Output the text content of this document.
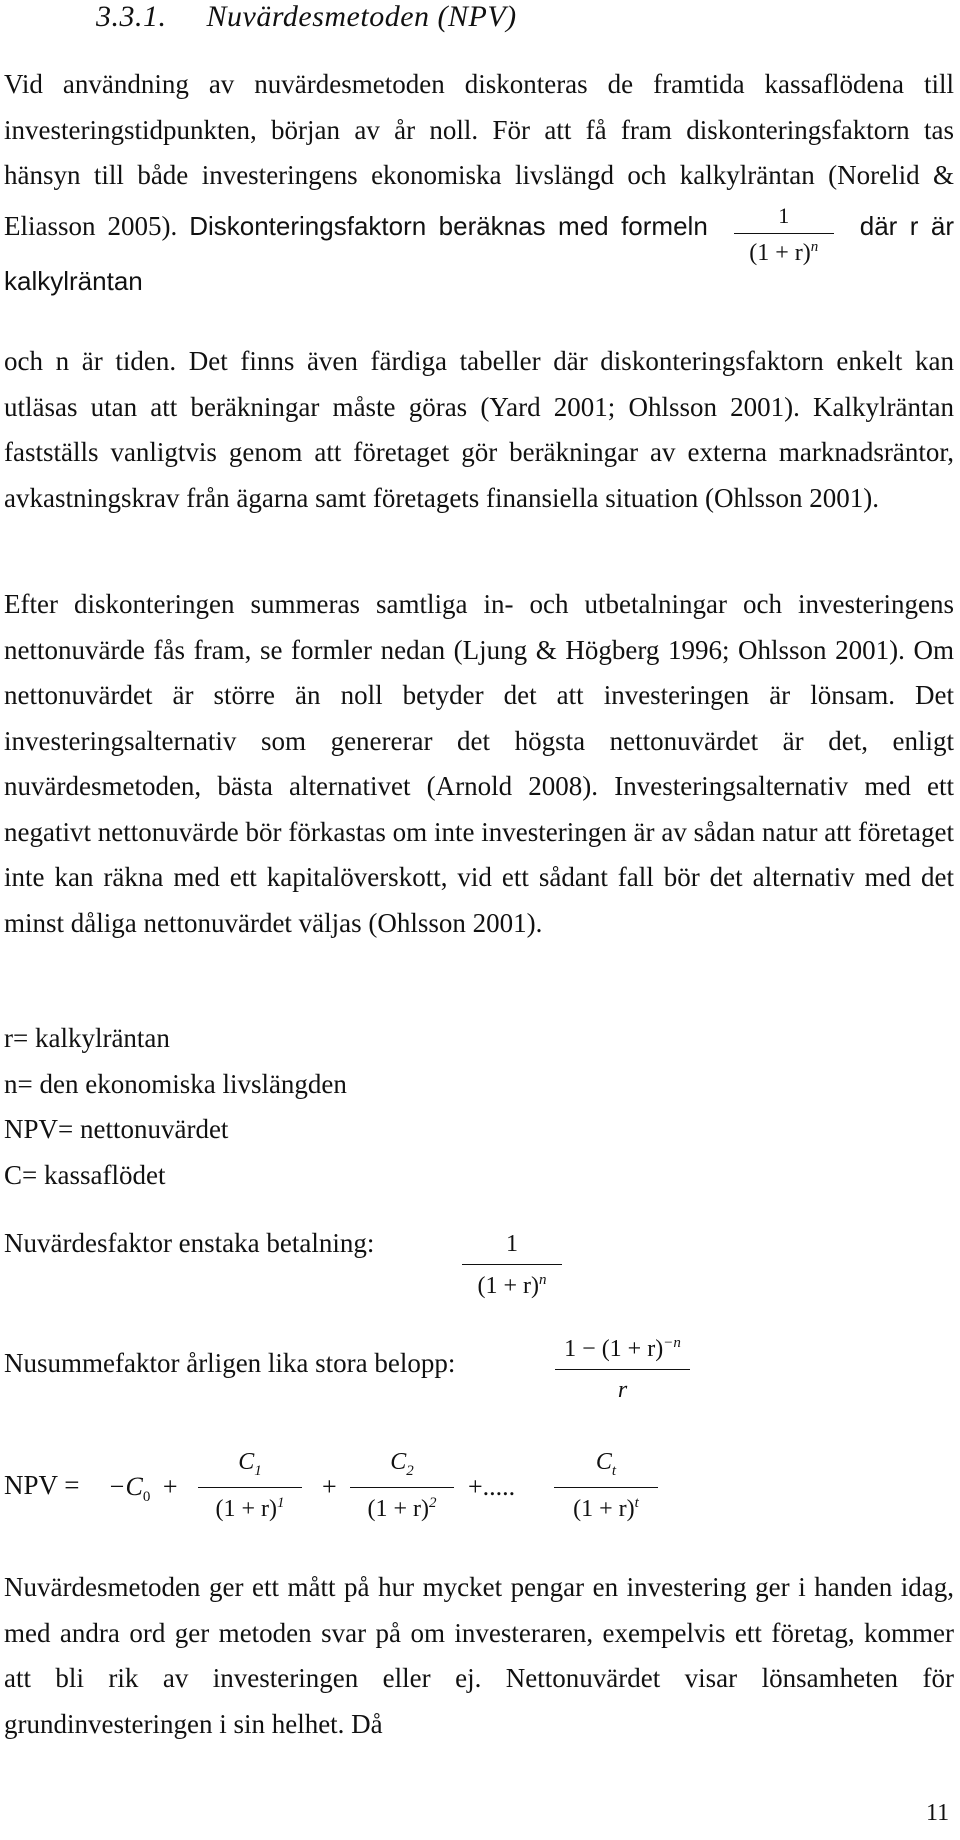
3.3.1. Nuvärdesmetoden (NPV)

Vid användning av nuvärdesmetoden diskonteras de framtida kassaflödena till investeringstidpunkten, början av år noll. För att få fram diskonteringsfaktorn tas hänsyn till både investeringens ekonomiska livslängd och kalkylräntan (Norelid & Eliasson 2005). Diskonteringsfaktorn beräknas med formeln $\frac{1}{(1 + r)^n}$ där r är kalkylräntan

och n är tiden. Det finns även färdiga tabeller där diskonteringsfaktorn enkelt kan utläsas utan att beräkningar måste göras (Yard 2001; Ohlsson 2001). Kalkylräntan fastställs vanligtvis genom att företaget gör beräkningar av externa marknadsräntor, avkastningskrav från ägarna samt företagets finansiella situation (Ohlsson 2001).

Efter diskonteringen summeras samtliga in- och utbetalningar och investeringens nettonuvärde fås fram, se formler nedan (Ljung & Högberg 1996; Ohlsson 2001). Om nettonuvärdet är större än noll betyder det att investeringen är lönsam. Det investeringsalternativ som genererar det högsta nettonuvärdet är det, enligt nuvärdesmetoden, bästa alternativet (Arnold 2008). Investeringsalternativ med ett negativt nettonuvärde bör förkastas om inte investeringen är av sådan natur att företaget inte kan räkna med ett kapitalöverskott, vid ett sådant fall bör det alternativ med det minst dåliga nettonuvärdet väljas (Ohlsson 2001).

r= kalkylräntan
n= den ekonomiska livslängden
NPV= nettonuvärdet
C= kassaflödet
Nuvärdesfaktor enstaka betalning:	1
$(1 + r)^n$
Nusummefaktor årligen lika stora belopp:	$1 - (1 + r)^{-n}$
r
NPV = $-C_0$ +
$C_1$
$(1 + r)^1$
+
$C_2$
$(1 + r)^2$
+.....
$C_t$
$(1 + r)^t$

Nuvärdesmetoden ger ett mått på hur mycket pengar en investering ger i handen idag, med andra ord ger metoden svar på om investeraren, exempelvis ett företag, kommer att bli rik av investeringen eller ej. Nettonuvärdet visar lönsamheten för grundinvesteringen i sin helhet. Då

11
